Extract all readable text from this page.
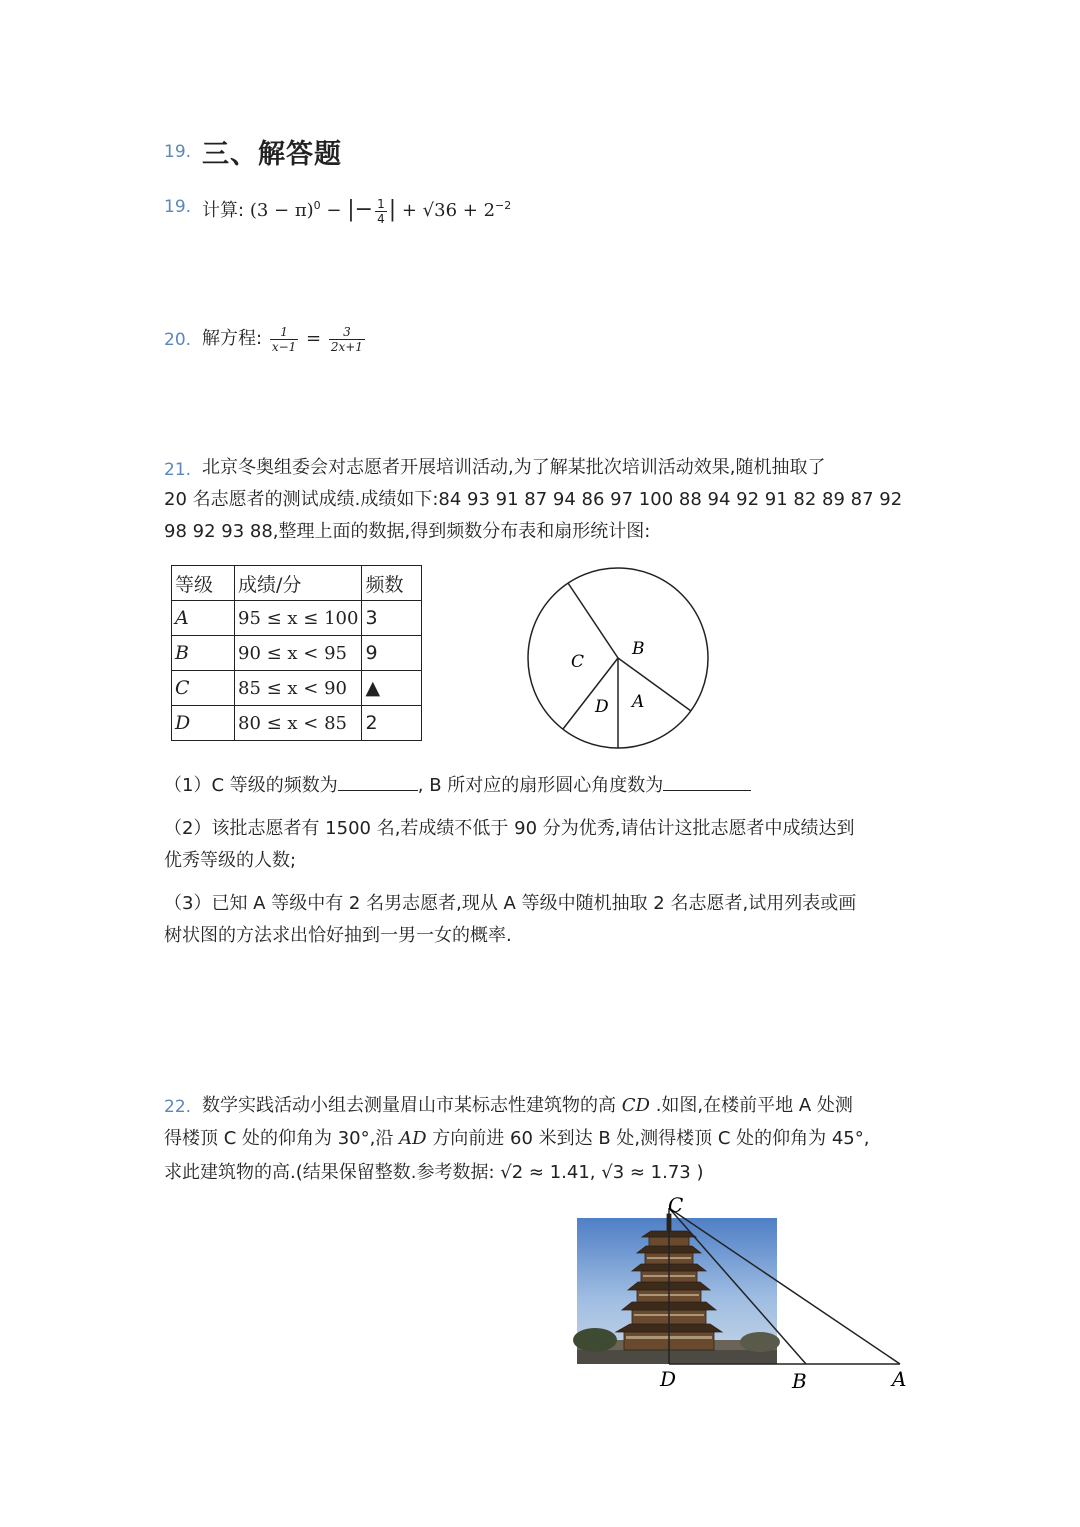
19. 三、解答题
19. 计算: $(3 - \pi)^0$ − |− $\frac{1}{4}$ | + $√36 + 2^{-2}$
20. 解方程: $\frac{1}{x-1} = \frac{3}{2x+1}$
21. 北京冬奥组委会对志愿者开展培训活动,为了解某批次培训活动效果,随机抽取了
20 名志愿者的测试成绩.成绩如下:84 93 91 87 94 86 97 100 88 94 92 91 82 89 87 92
98 92 93 88,整理上面的数据,得到频数分布表和扇形统计图:
等级	成绩/分	频数
A	95 ≤ x ≤ 100	3
B	90 ≤ x < 95	9
C	85 ≤ x < 90	▲
D	80 ≤ x < 85	2
B
C
D A
（1）C 等级的频数为	, B 所对应的扇形圆心角度数为
（2）该批志愿者有 1500 名,若成绩不低于 90 分为优秀,请估计这批志愿者中成绩达到
优秀等级的人数;
（3）已知 A 等级中有 2 名男志愿者,现从 A 等级中随机抽取 2 名志愿者,试用列表或画
树状图的方法求出恰好抽到一男一女的概率.
22. 数学实践活动小组去测量眉山市某标志性建筑物的高 CD .如图,在楼前平地 A 处测
得楼顶 C 处的仰角为 30°,沿 AD 方向前进 60 米到达 B 处,测得楼顶 C 处的仰角为 45°,
求此建筑物的高.(结果保留整数.参考数据: √2 ≈ 1.41, √3 ≈ 1.73 )
C
D	B	A
